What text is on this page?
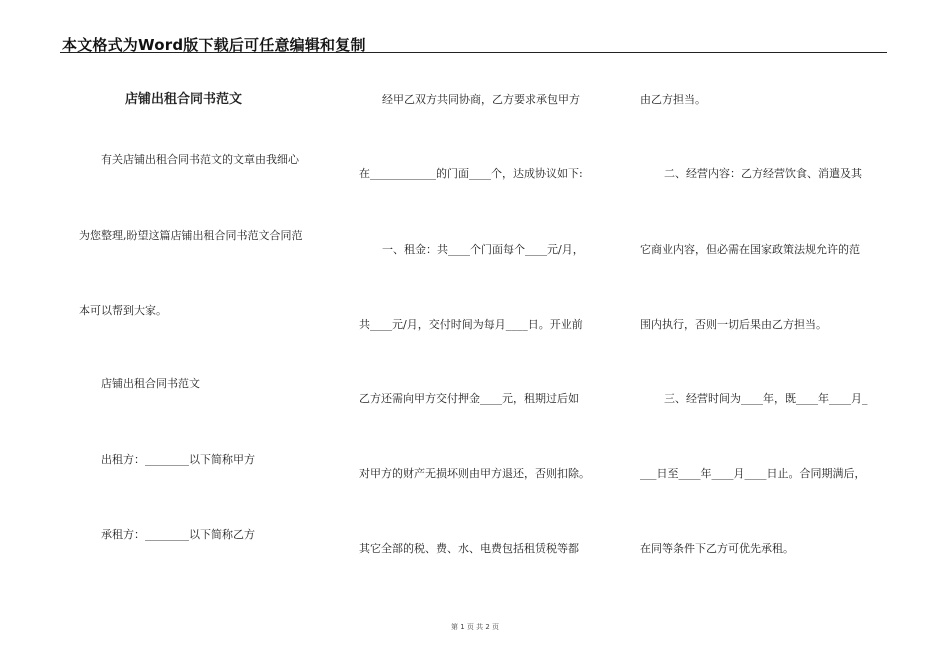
本文格式为Word版下载后可任意编辑和复制
店铺出租合同书范文
有关店铺出租合同书范文的文章由我细心
为您整理,盼望这篇店铺出租合同书范文合同范
本可以帮到大家。
店铺出租合同书范文
出租方：________以下简称甲方
承租方：________以下简称乙方
经甲乙双方共同协商，乙方要求承包甲方
在____________的门面____个，达成协议如下:
一、租金：共____个门面每个____元/月，
共____元/月，交付时间为每月____日。开业前
乙方还需向甲方交付押金____元，租期过后如
对甲方的财产无损坏则由甲方退还，否则扣除。
其它全部的税、费、水、电费包括租赁税等都
由乙方担当。
二、经营内容：乙方经营饮食、消遣及其
它商业内容，但必需在国家政策法规允许的范
围内执行，否则一切后果由乙方担当。
三、经营时间为____年，既____年____月_
___日至____年____月____日止。合同期满后，
在同等条件下乙方可优先承租。
第 1 页 共 2 页
